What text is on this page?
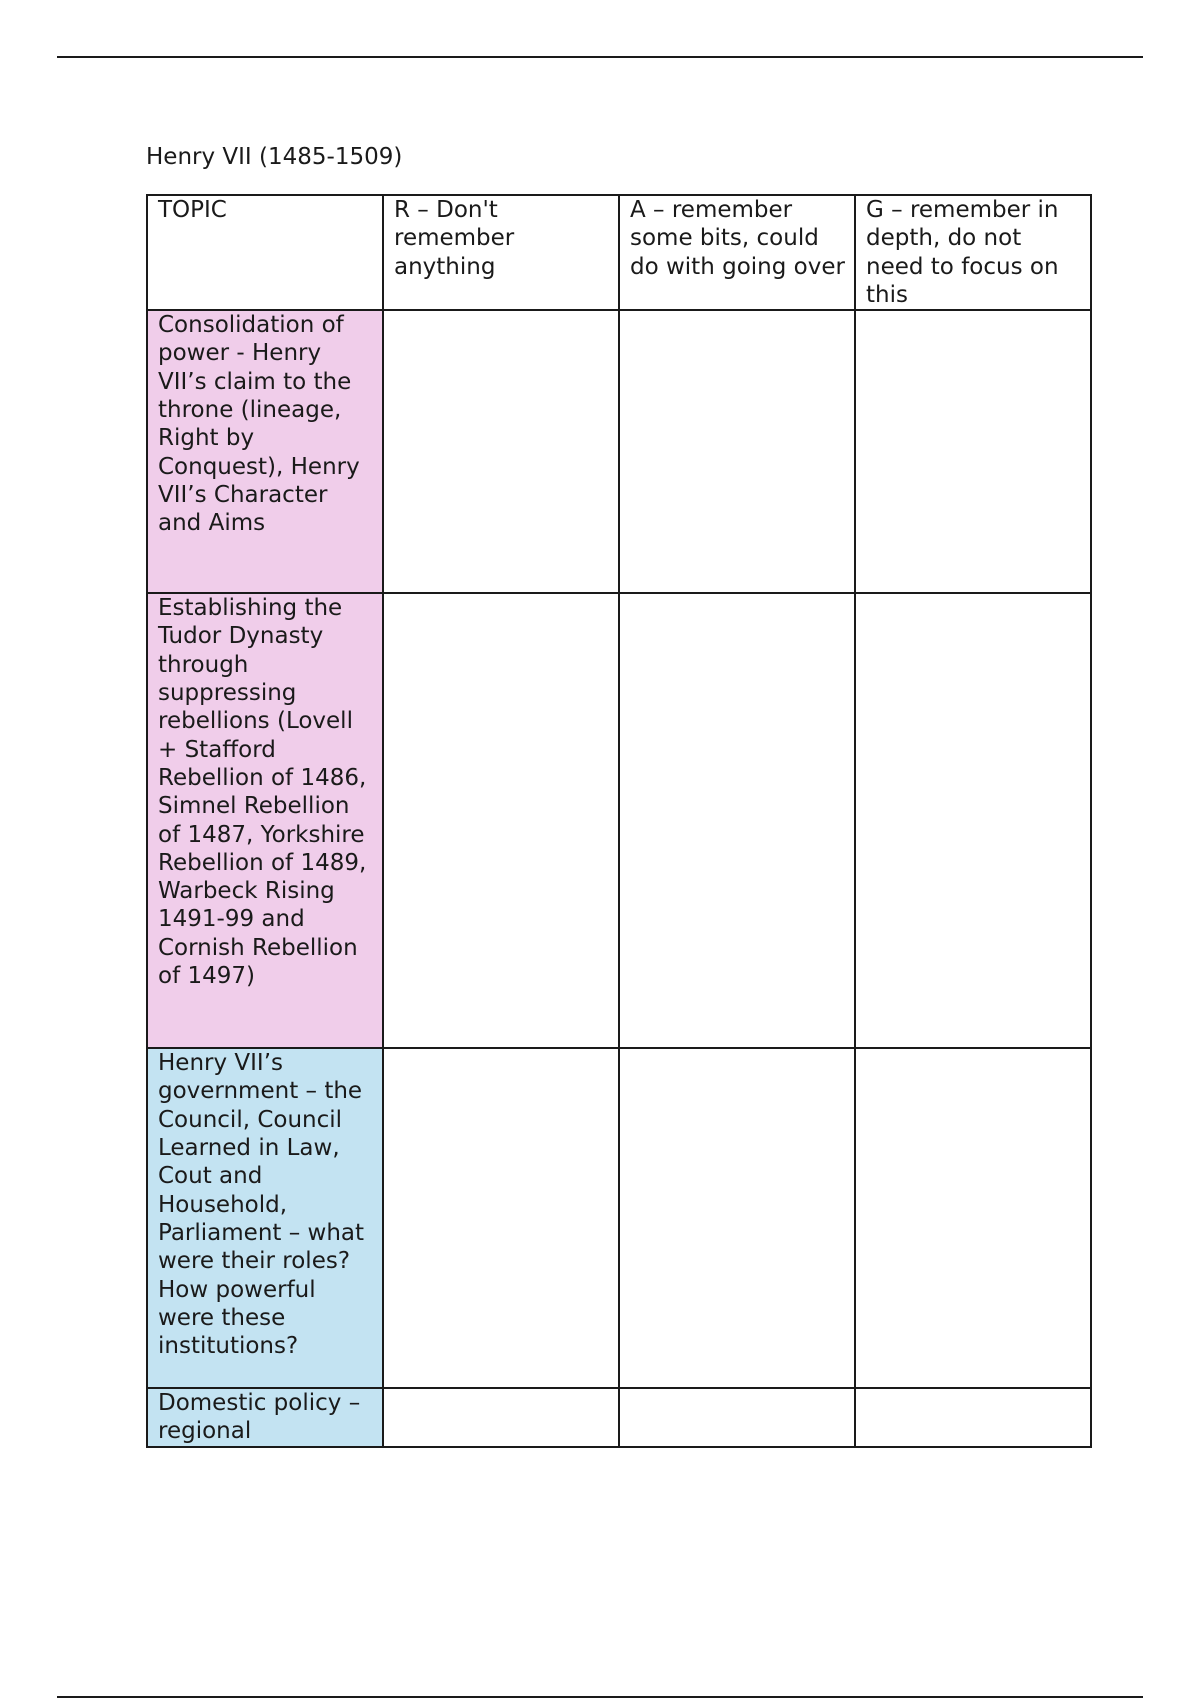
Henry VII (1485-1509)
TOPIC	R – Don't remember anything	A – remember some bits, could do with going over	G – remember in depth, do not need to focus on this
Consolidation of power - Henry VII’s claim to the throne (lineage, Right by Conquest), Henry VII’s Character and Aims			
Establishing the Tudor Dynasty through suppressing rebellions (Lovell + Stafford Rebellion of 1486, Simnel Rebellion of 1487, Yorkshire Rebellion of 1489, Warbeck Rising 1491-99 and Cornish Rebellion of 1497)			
Henry VII’s government – the Council, Council Learned in Law, Cout and Household, Parliament – what were their roles? How powerful were these institutions?			
Domestic policy – regional			
